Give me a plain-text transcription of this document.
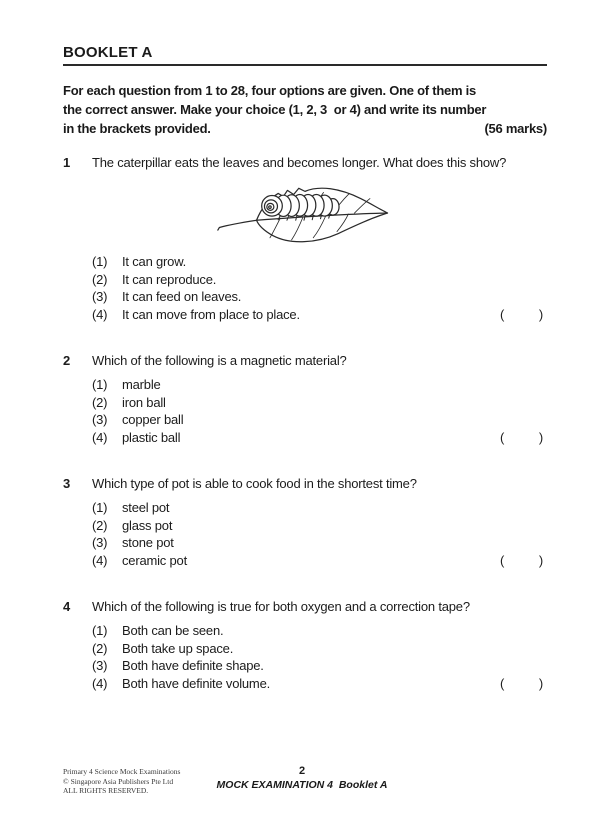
BOOKLET A
For each question from 1 to 28, four options are given. One of them is
the correct answer. Make your choice (1, 2, 3  or 4) and write its number
in the brackets provided.	(56 marks)
1	The caterpillar eats the leaves and becomes longer. What does this show?
(1)	It can grow.
(2)	It can reproduce.
(3)	It can feed on leaves.
(4)	It can move from place to place.	(	)
2	Which of the following is a magnetic material?
(1)	marble
(2)	iron ball
(3)	copper ball
(4)	plastic ball	(	)
3	Which type of pot is able to cook food in the shortest time?
(1)	steel pot
(2)	glass pot
(3)	stone pot
(4)	ceramic pot	(	)
4	Which of the following is true for both oxygen and a correction tape?
(1)	Both can be seen.
(2)	Both take up space.
(3)	Both have definite shape.
(4)	Both have definite volume.	(	)
Primary 4 Science Mock Examinations
© Singapore Asia Publishers Pte Ltd
ALL RIGHTS RESERVED.
2
MOCK EXAMINATION 4  Booklet A
